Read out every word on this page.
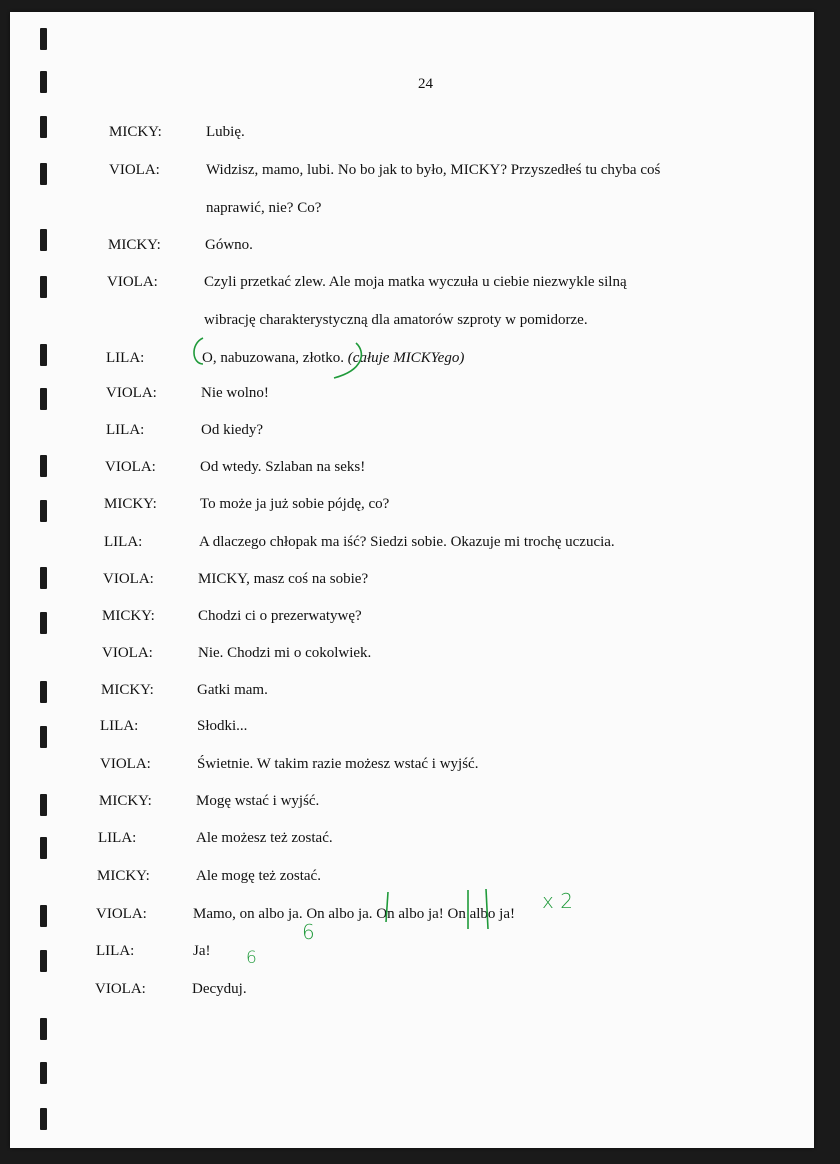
24
MICKY:	Lubię.
VIOLA:	Widzisz, mamo, lubi. No bo jak to było, MICKY? Przyszedłeś tu chyba coś
naprawić, nie? Co?
MICKY:	Gówno.
VIOLA:	Czyli przetkać zlew. Ale moja matka wyczuła u ciebie niezwykle silną
wibrację charakterystyczną dla amatorów szproty w pomidorze.
LILA:	O, nabuzowana, złotko. (całuje MICKYego)
VIOLA:	Nie wolno!
LILA:	Od kiedy?
VIOLA:	Od wtedy. Szlaban na seks!
MICKY:	To może ja już sobie pójdę, co?
LILA:	A dlaczego chłopak ma iść? Siedzi sobie. Okazuje mi trochę uczucia.
VIOLA:	MICKY, masz coś na sobie?
MICKY:	Chodzi ci o prezerwatywę?
VIOLA:	Nie. Chodzi mi o cokolwiek.
MICKY:	Gatki mam.
LILA:	Słodki...
VIOLA:	Świetnie. W takim razie możesz wstać i wyjść.
MICKY:	Mogę wstać i wyjść.
LILA:	Ale możesz też zostać.
MICKY:	Ale mogę też zostać.
VIOLA:	Mamo, on albo ja. On albo ja. On albo ja! On albo ja!
LILA:	Ja!
VIOLA:	Decyduj.
x 2
6
6
